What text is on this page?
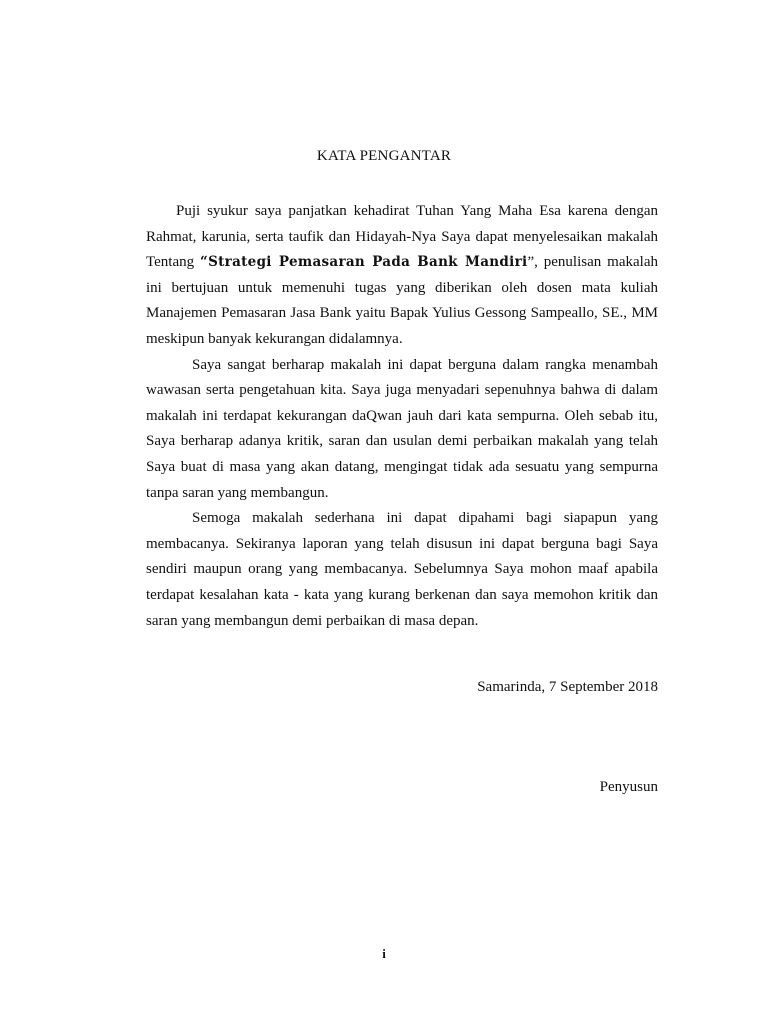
KATA PENGANTAR

Puji syukur saya panjatkan kehadirat Tuhan Yang Maha Esa karena dengan Rahmat, karunia, serta taufik dan Hidayah-Nya Saya dapat menyelesaikan makalah Tentang “Strategi Pemasaran Pada Bank Mandiri”, penulisan makalah ini bertujuan untuk memenuhi tugas yang diberikan oleh dosen mata kuliah Manajemen Pemasaran Jasa Bank yaitu Bapak Yulius Gessong Sampeallo, SE., MM meskipun banyak kekurangan didalamnya.

Saya sangat berharap makalah ini dapat berguna dalam rangka menambah wawasan serta pengetahuan kita. Saya juga menyadari sepenuhnya bahwa di dalam makalah ini terdapat kekurangan daQwan jauh dari kata sempurna. Oleh sebab itu, Saya berharap adanya kritik, saran dan usulan demi perbaikan makalah yang telah Saya buat di masa yang akan datang, mengingat tidak ada sesuatu yang sempurna tanpa saran yang membangun.

Semoga makalah sederhana ini dapat dipahami bagi siapapun yang membacanya. Sekiranya laporan yang telah disusun ini dapat berguna bagi Saya sendiri maupun orang yang membacanya. Sebelumnya Saya mohon maaf apabila terdapat kesalahan kata - kata yang kurang berkenan dan saya memohon kritik dan saran yang membangun demi perbaikan di masa depan.

Samarinda, 7 September 2018
Penyusun
i
